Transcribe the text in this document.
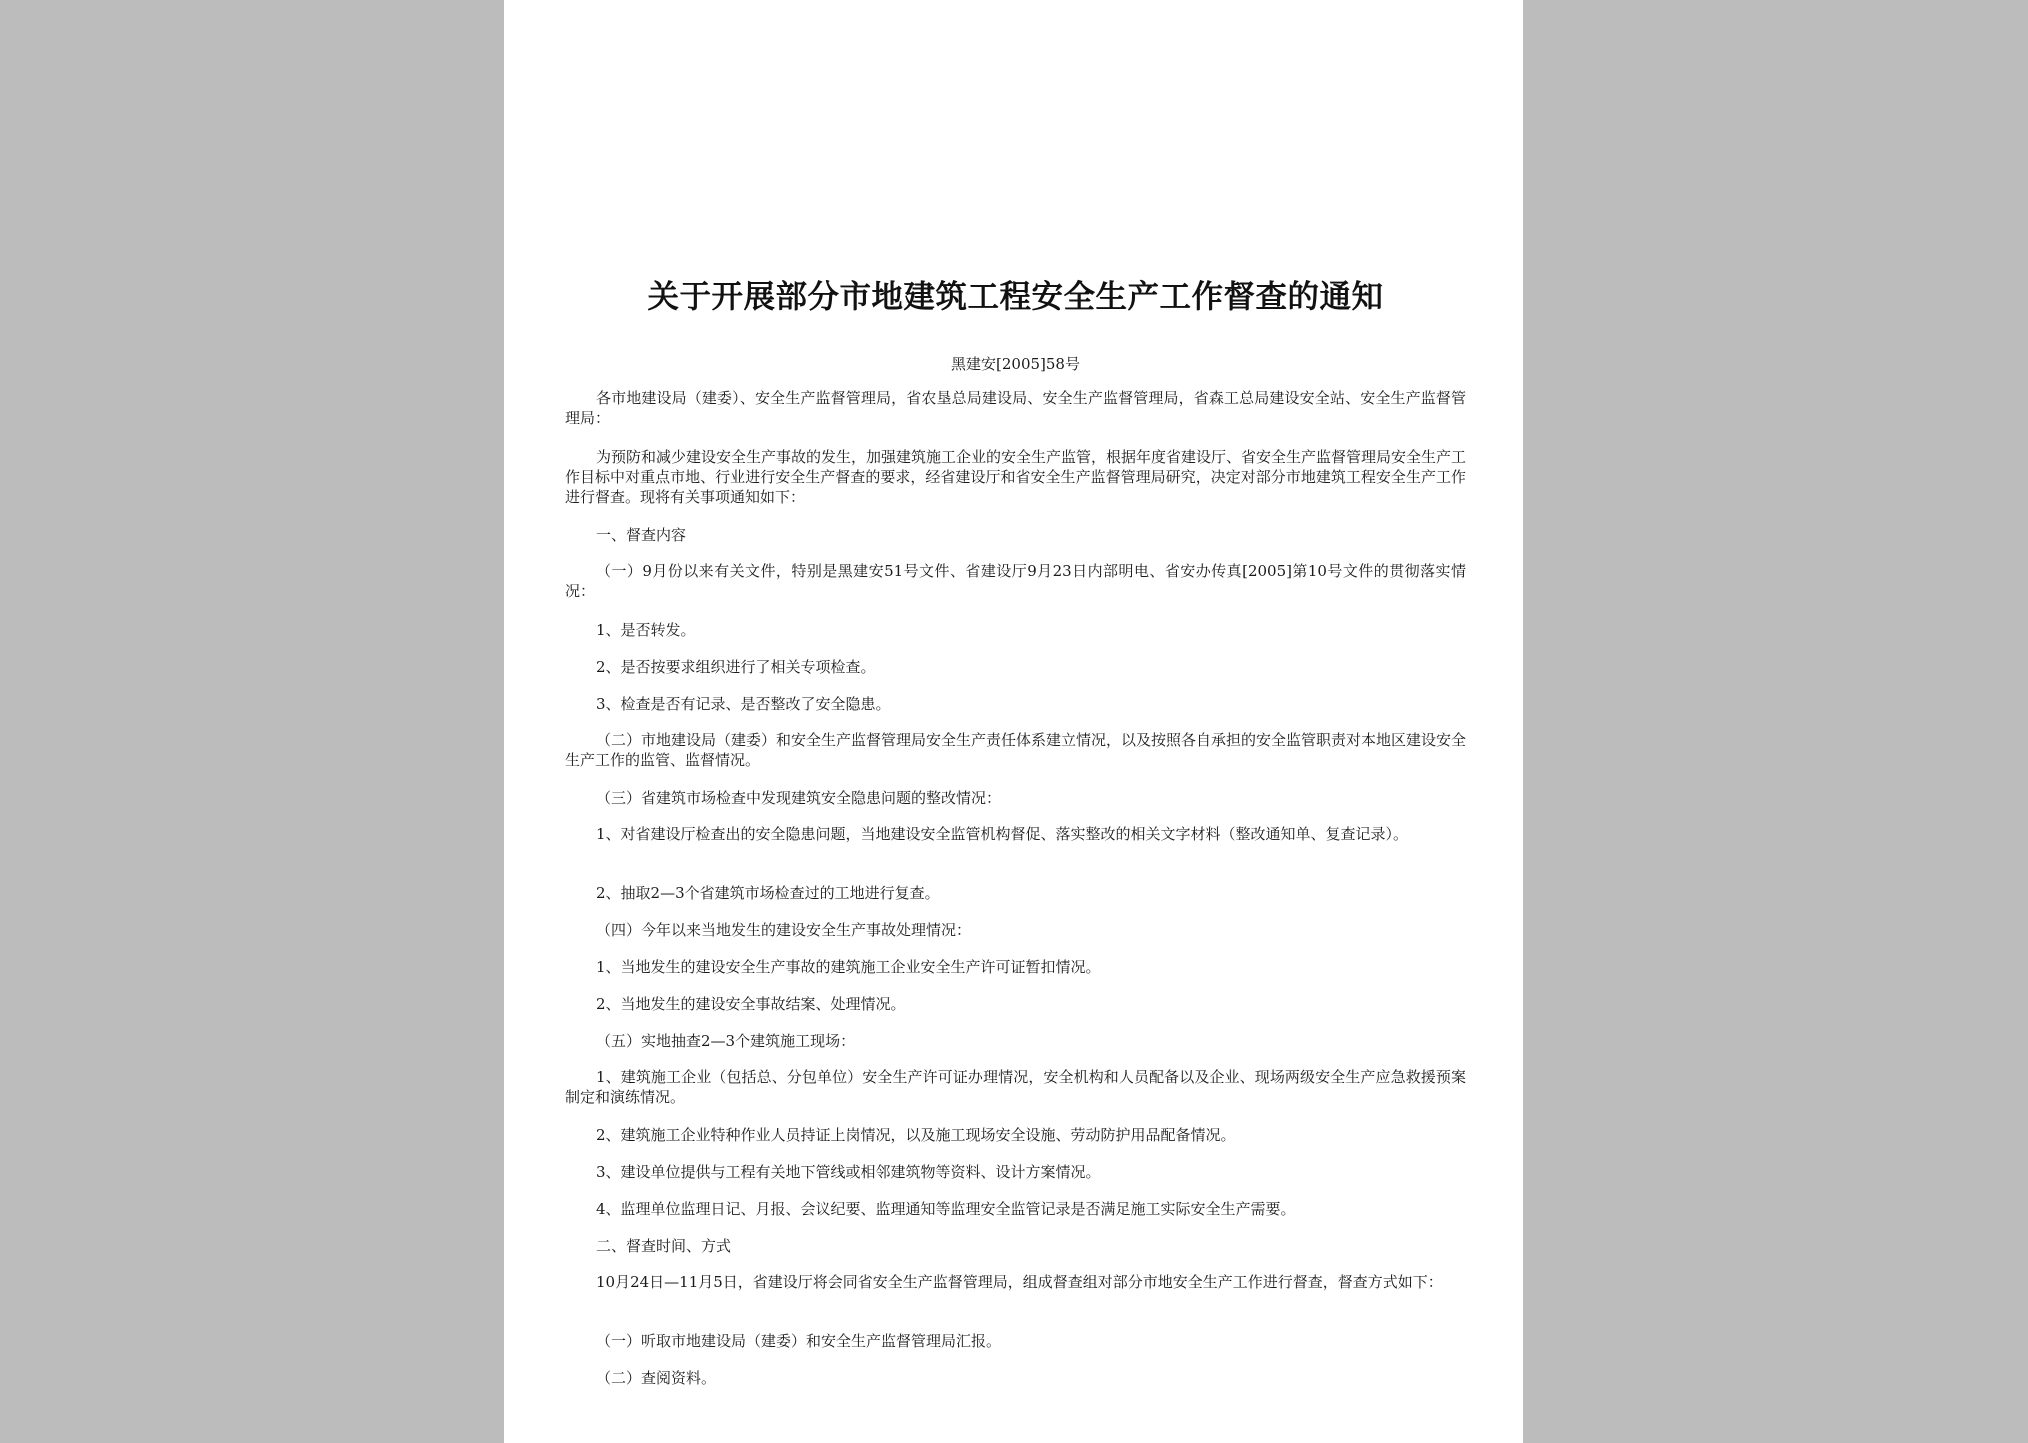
关于开展部分市地建筑工程安全生产工作督查的通知
黑建安[2005]58号
各市地建设局（建委）、安全生产监督管理局，省农垦总局建设局、安全生产监督管理局，省森工总局建设安全站、安全生产监督管理局：
为预防和减少建设安全生产事故的发生，加强建筑施工企业的安全生产监管，根据年度省建设厅、省安全生产监督管理局安全生产工作目标中对重点市地、行业进行安全生产督查的要求，经省建设厅和省安全生产监督管理局研究，决定对部分市地建筑工程安全生产工作进行督查。现将有关事项通知如下：
一、督查内容
（一）9月份以来有关文件，特别是黑建安51号文件、省建设厅9月23日内部明电、省安办传真[2005]第10号文件的贯彻落实情况：
1、是否转发。
2、是否按要求组织进行了相关专项检查。
3、检查是否有记录、是否整改了安全隐患。
（二）市地建设局（建委）和安全生产监督管理局安全生产责任体系建立情况，以及按照各自承担的安全监管职责对本地区建设安全生产工作的监管、监督情况。
（三）省建筑市场检查中发现建筑安全隐患问题的整改情况：
1、对省建设厅检查出的安全隐患问题，当地建设安全监管机构督促、落实整改的相关文字材料（整改通知单、复查记录）。
2、抽取2—3个省建筑市场检查过的工地进行复查。
（四）今年以来当地发生的建设安全生产事故处理情况：
1、当地发生的建设安全生产事故的建筑施工企业安全生产许可证暂扣情况。
2、当地发生的建设安全事故结案、处理情况。
（五）实地抽查2—3个建筑施工现场：
1、建筑施工企业（包括总、分包单位）安全生产许可证办理情况，安全机构和人员配备以及企业、现场两级安全生产应急救援预案制定和演练情况。
2、建筑施工企业特种作业人员持证上岗情况，以及施工现场安全设施、劳动防护用品配备情况。
3、建设单位提供与工程有关地下管线或相邻建筑物等资料、设计方案情况。
4、监理单位监理日记、月报、会议纪要、监理通知等监理安全监管记录是否满足施工实际安全生产需要。
二、督查时间、方式
10月24日—11月5日，省建设厅将会同省安全生产监督管理局，组成督查组对部分市地安全生产工作进行督查，督查方式如下：
（一）听取市地建设局（建委）和安全生产监督管理局汇报。
（二）查阅资料。
